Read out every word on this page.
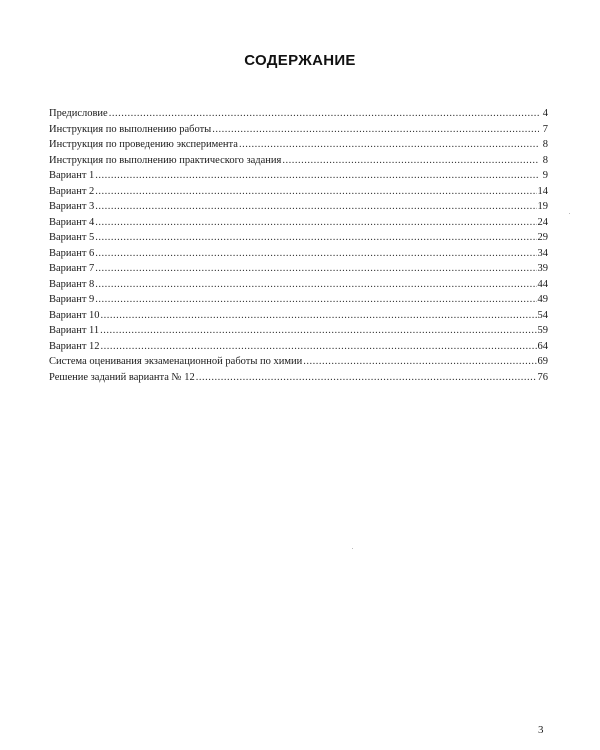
СОДЕРЖАНИЕ
Предисловие .....	4
Инструкция по выполнению работы .....	7
Инструкция по проведению эксперимента .....	8
Инструкция по выполнению практического задания .....	8
Вариант 1 .....	9
Вариант 2 .....	14
Вариант 3 .....	19
Вариант 4 .....	24
Вариант 5 .....	29
Вариант 6 .....	34
Вариант 7 .....	39
Вариант 8 .....	44
Вариант 9 .....	49
Вариант 10 .....	54
Вариант 11 .....	59
Вариант 12 .....	64
Система оценивания экзаменационной работы по химии .....	69
Решение заданий варианта № 12 .....	76
3
